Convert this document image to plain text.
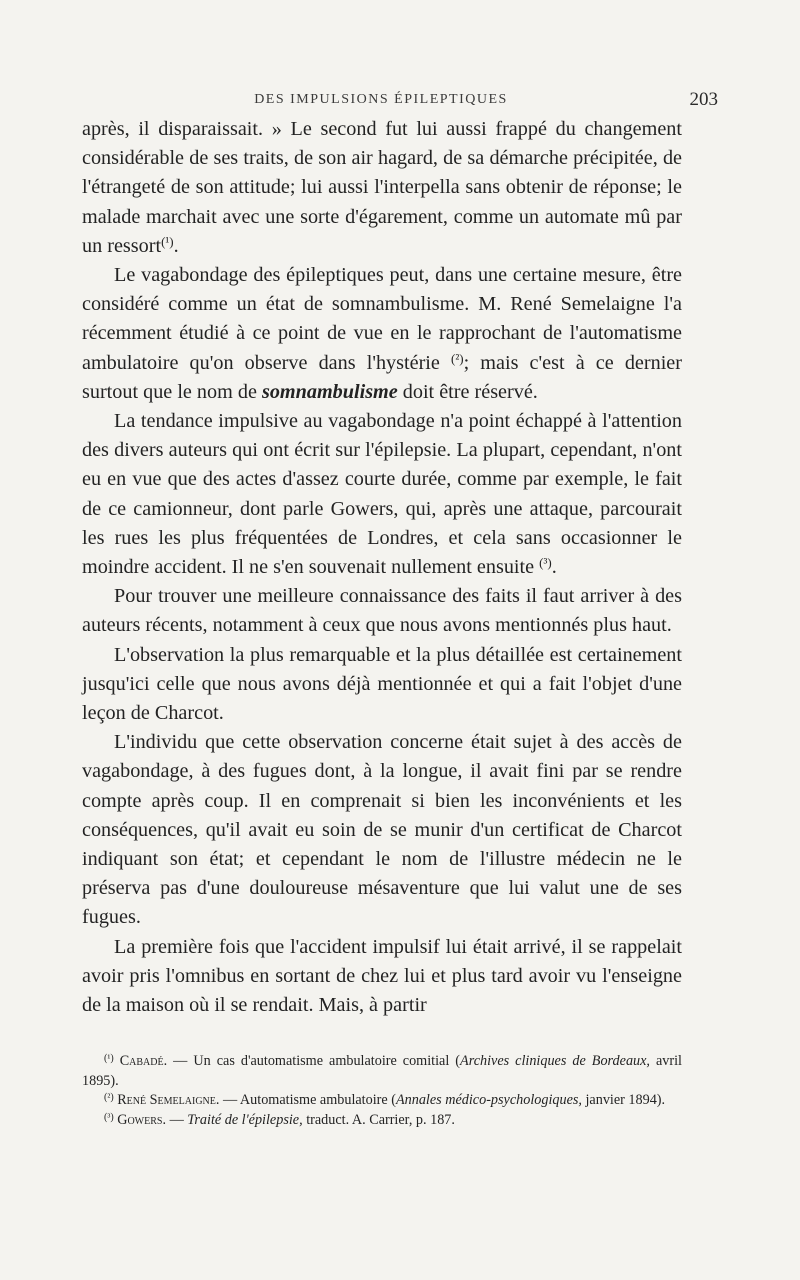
DES IMPULSIONS ÉPILEPTIQUES	203

après, il disparaissait. » Le second fut lui aussi frappé du changement considérable de ses traits, de son air hagard, de sa démarche précipitée, de l'étrangeté de son attitude; lui aussi l'interpella sans obtenir de réponse; le malade marchait avec une sorte d'égarement, comme un automate mû par un ressort$^{(^1)}$.

Le vagabondage des épileptiques peut, dans une certaine mesure, être considéré comme un état de somnambulisme. M. René Semelaigne l'a récemment étudié à ce point de vue en le rapprochant de l'automatisme ambulatoire qu'on observe dans l'hystérie $^{(^2)}$; mais c'est à ce dernier surtout que le nom de somnambulisme doit être réservé.

La tendance impulsive au vagabondage n'a point échappé à l'attention des divers auteurs qui ont écrit sur l'épilepsie. La plupart, cependant, n'ont eu en vue que des actes d'assez courte durée, comme par exemple, le fait de ce camionneur, dont parle Gowers, qui, après une attaque, parcourait les rues les plus fréquentées de Londres, et cela sans occasionner le moindre accident. Il ne s'en souvenait nullement ensuite $^{(^3)}$.

Pour trouver une meilleure connaissance des faits il faut arriver à des auteurs récents, notamment à ceux que nous avons mentionnés plus haut.

L'observation la plus remarquable et la plus détaillée est certainement jusqu'ici celle que nous avons déjà mentionnée et qui a fait l'objet d'une leçon de Charcot.

L'individu que cette observation concerne était sujet à des accès de vagabondage, à des fugues dont, à la longue, il avait fini par se rendre compte après coup. Il en comprenait si bien les inconvénients et les conséquences, qu'il avait eu soin de se munir d'un certificat de Charcot indiquant son état; et cependant le nom de l'illustre médecin ne le préserva pas d'une douloureuse mésaventure que lui valut une de ses fugues.

La première fois que l'accident impulsif lui était arrivé, il se rappelait avoir pris l'omnibus en sortant de chez lui et plus tard avoir vu l'enseigne de la maison où il se rendait. Mais, à partir

$^{(^1)}$ Cabadé. — Un cas d'automatisme ambulatoire comitial (Archives cliniques de Bordeaux, avril 1895).

$^{(^2)}$ René Semelaigne. — Automatisme ambulatoire (Annales médico-psychologiques, janvier 1894).

$^{(^3)}$ Gowers. — Traité de l'épilepsie, traduct. A. Carrier, p. 187.
